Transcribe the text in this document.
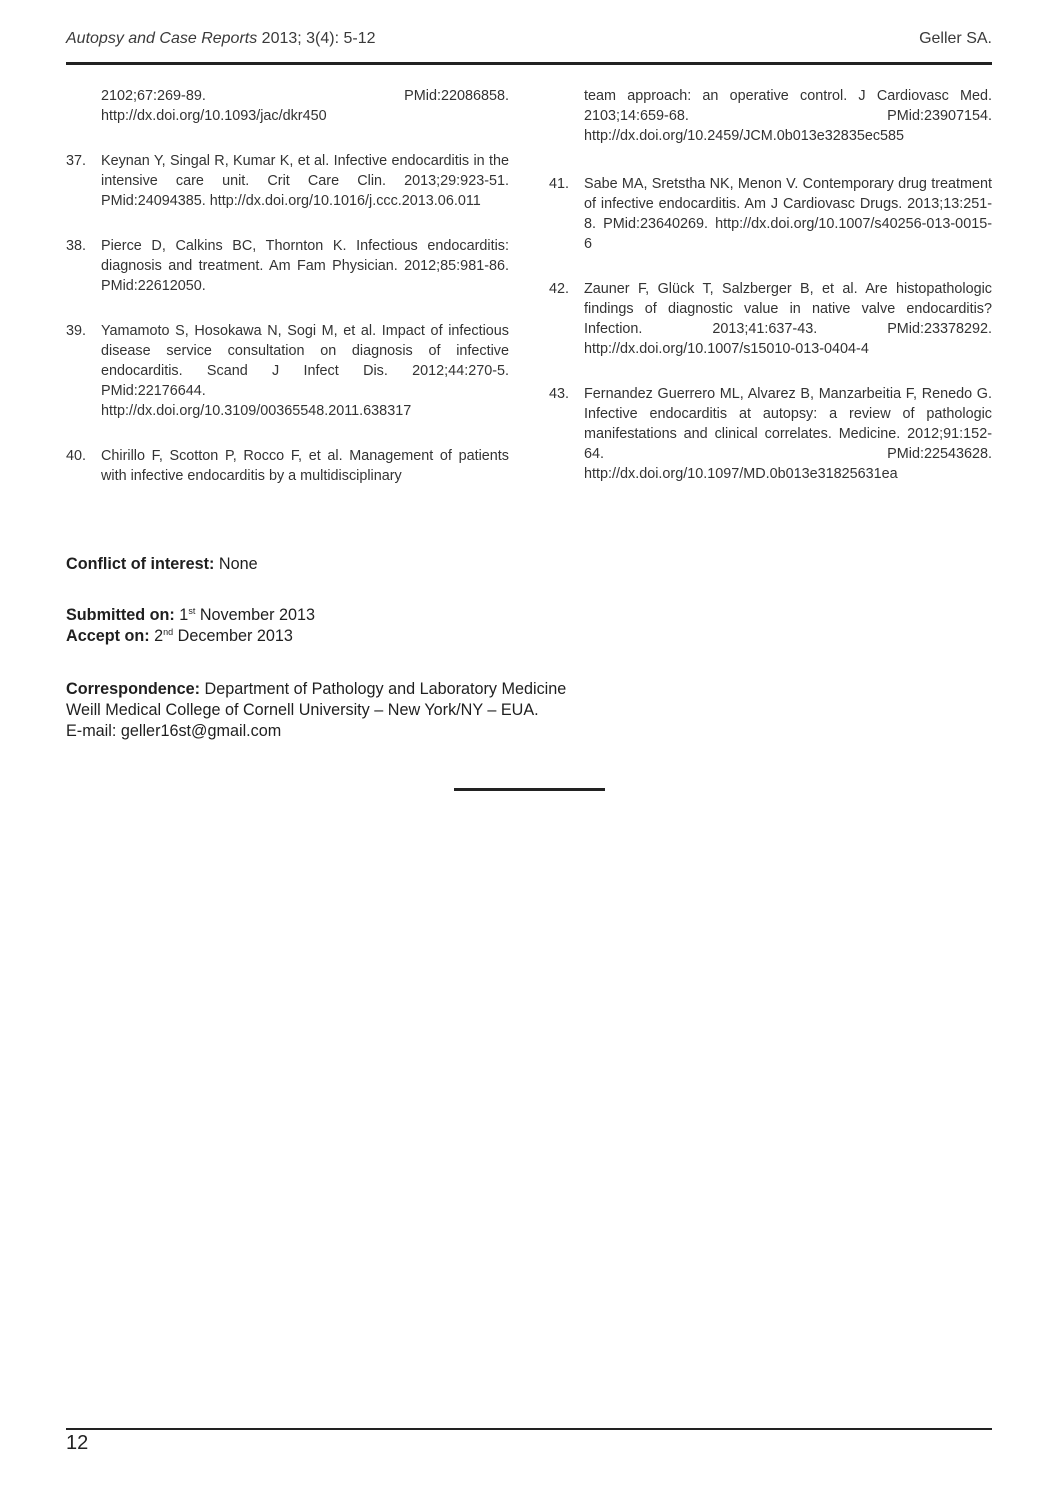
Autopsy and Case Reports 2013; 3(4): 5-12	Geller SA.
2102;67:269-89. PMid:22086858. http://dx.doi.org/10.1093/jac/dkr450
37. Keynan Y, Singal R, Kumar K, et al. Infective endocarditis in the intensive care unit. Crit Care Clin. 2013;29:923-51. PMid:24094385. http://dx.doi.org/10.1016/j.ccc.2013.06.011
38. Pierce D, Calkins BC, Thornton K. Infectious endocarditis: diagnosis and treatment. Am Fam Physician. 2012;85:981-86. PMid:22612050.
39. Yamamoto S, Hosokawa N, Sogi M, et al. Impact of infectious disease service consultation on diagnosis of infective endocarditis. Scand J Infect Dis. 2012;44:270-5. PMid:22176644. http://dx.doi.org/10.3109/00365548.2011.638317
40. Chirillo F, Scotton P, Rocco F, et al. Management of patients with infective endocarditis by a multidisciplinary
team approach: an operative control. J Cardiovasc Med. 2103;14:659-68. PMid:23907154. http://dx.doi.org/10.2459/JCM.0b013e32835ec585
41. Sabe MA, Sretstha NK, Menon V. Contemporary drug treatment of infective endocarditis. Am J Cardiovasc Drugs. 2013;13:251-8. PMid:23640269. http://dx.doi.org/10.1007/s40256-013-0015-6
42. Zauner F, Glück T, Salzberger B, et al. Are histopathologic findings of diagnostic value in native valve endocarditis? Infection. 2013;41:637-43. PMid:23378292. http://dx.doi.org/10.1007/s15010-013-0404-4
43. Fernandez Guerrero ML, Alvarez B, Manzarbeitia F, Renedo G. Infective endocarditis at autopsy: a review of pathologic manifestations and clinical correlates. Medicine. 2012;91:152-64. PMid:22543628. http://dx.doi.org/10.1097/MD.0b013e31825631ea
Conflict of interest: None
Submitted on: 1st November 2013
Accept on: 2nd December 2013
Correspondence: Department of Pathology and Laboratory Medicine
Weill Medical College of Cornell University – New York/NY – EUA.
E-mail: geller16st@gmail.com
12
